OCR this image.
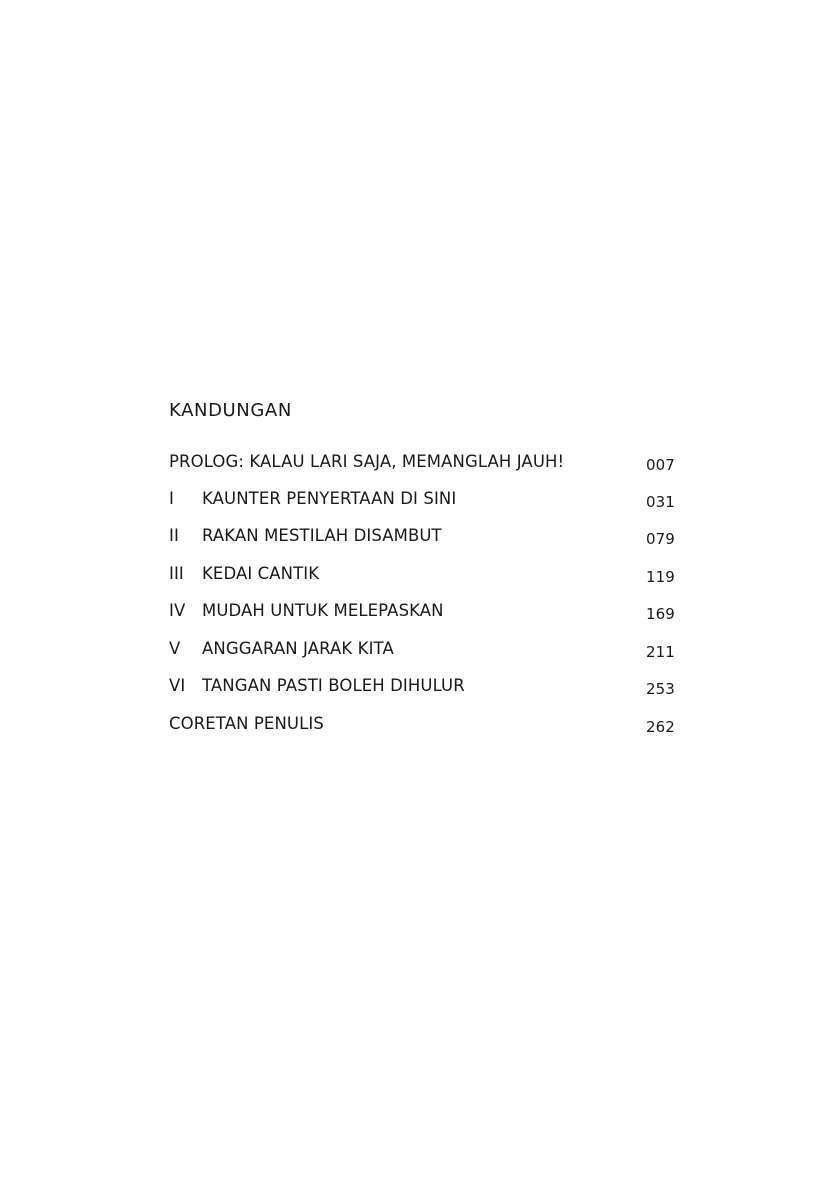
KANDUNGAN
PROLOG: KALAU LARI SAJA, MEMANGLAH JAUH!	007
I KAUNTER PENYERTAAN DI SINI	031
II RAKAN MESTILAH DISAMBUT	079
III KEDAI CANTIK	119
IV MUDAH UNTUK MELEPASKAN	169
V ANGGARAN JARAK KITA	211
VI TANGAN PASTI BOLEH DIHULUR	253
CORETAN PENULIS	262
